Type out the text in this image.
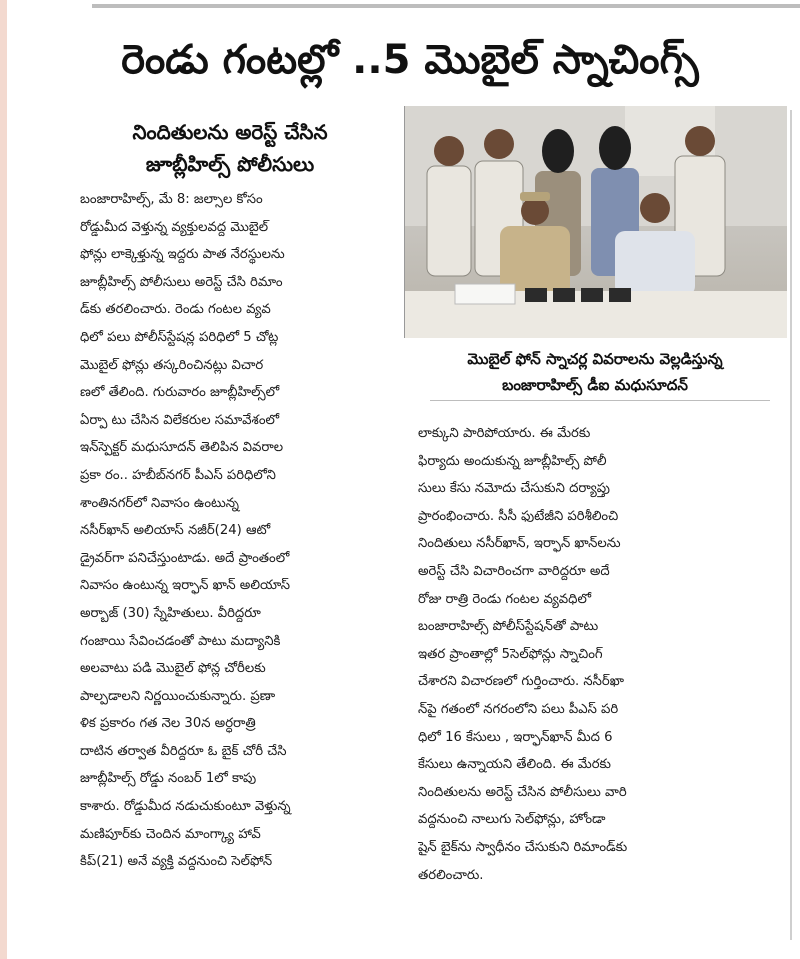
రెండు గంటల్లో ..5 మొబైల్ స్నాచింగ్స్
నిందితులను అరెస్ట్ చేసిన
జూబ్లీహిల్స్ పోలీసులు
మొబైల్ ఫోన్ స్నాచర్ల వివరాలను వెల్లడిస్తున్న
బంజారాహిల్స్ డీఐ మధుసూదన్
బంజారాహిల్స్, మే 8: జల్సాల కోసం
రోడ్డుమీద వెళ్తున్న వ్యక్తులవద్ద మొబైల్
ఫోన్లు లాక్కెళ్తున్న ఇద్దరు పాత నేరస్థులను
జూబ్లీహిల్స్ పోలీసులు అరెస్ట్ చేసి రిమాం
డ్‌కు తరలించారు. రెండు గంటల వ్యవ
ధిలో పలు పోలీస్‌స్టేషన్ల పరిధిలో 5 చోట్ల
మొబైల్ ఫోన్లు తస్కరించినట్లు విచార
ణలో తేలింది. గురువారం జూబ్లీహిల్స్‌లో
ఏర్పా టు చేసిన విలేకరుల సమావేశంలో
ఇన్‌స్పెక్టర్ మధుసూదన్ తెలిపిన వివరాల
ప్రకా రం.. హబీబ్‌నగర్ పీఎస్ పరిధిలోని
శాంతినగర్‌లో నివాసం ఉంటున్న
నసీర్‌ఖాన్ అలియాస్ నజీర్(24) ఆటో
డ్రైవర్‌గా పనిచేస్తుంటాడు. అదే ప్రాంతంలో
నివాసం ఉంటున్న ఇర్ఫాన్ ఖాన్ అలియాస్
అర్బాజ్ (30) స్నేహితులు. వీరిద్దరూ
గంజాయి సేవించడంతో పాటు మద్యానికి
అలవాటు పడి మొబైల్ ఫోన్ల చోరీలకు
పాల్పడాలని నిర్ణయించుకున్నారు. ప్రణా
ళిక ప్రకారం గత నెల 30న అర్ధరాత్రి
దాటిన తర్వాత వీరిద్దరూ ఓ బైక్ చోరీ చేసి
జూబ్లీహిల్స్ రోడ్డు నంబర్ 1లో కాపు
కాశారు. రోడ్డుమీద నడుచుకుంటూ వెళ్తున్న
మణిపూర్‌కు చెందిన మాంగ్క్యా హావ్
కిప్(21) అనే వ్యక్తి వద్దనుంచి సెల్‌ఫోన్
లాక్కుని పారిపోయారు. ఈ మేరకు
ఫిర్యాదు అందుకున్న జూబ్లీహిల్స్ పోలీ
సులు కేసు నమోదు చేసుకుని దర్యాప్తు
ప్రారంభించారు. సీసీ ఫుటేజీని పరిశీలించి
నిందితులు నసీర్‌ఖాన్, ఇర్ఫాన్ ఖాన్‌లను
అరెస్ట్ చేసి విచారించగా వారిద్దరూ అదే
రోజు రాత్రి రెండు గంటల వ్యవధిలో
బంజారాహిల్స్ పోలీస్‌స్టేషన్‌తో పాటు
ఇతర ప్రాంతాల్లో 5సెల్‌ఫోన్లు స్నాచింగ్
చేశారని విచారణలో గుర్తించారు. నసీర్‌ఖా
న్‌పై గతంలో నగరంలోని పలు పీఎస్ పరి
ధిలో 16 కేసులు , ఇర్ఫాన్‌ఖాన్ మీద 6
కేసులు ఉన్నాయని తేలింది. ఈ మేరకు
నిందితులను అరెస్ట్ చేసిన పోలీసులు వారి
వద్దనుంచి నాలుగు సెల్‌ఫోన్లు, హోండా
షైన్ బైక్‌ను స్వాధీనం చేసుకుని రిమాండ్‌కు
తరలించారు.
